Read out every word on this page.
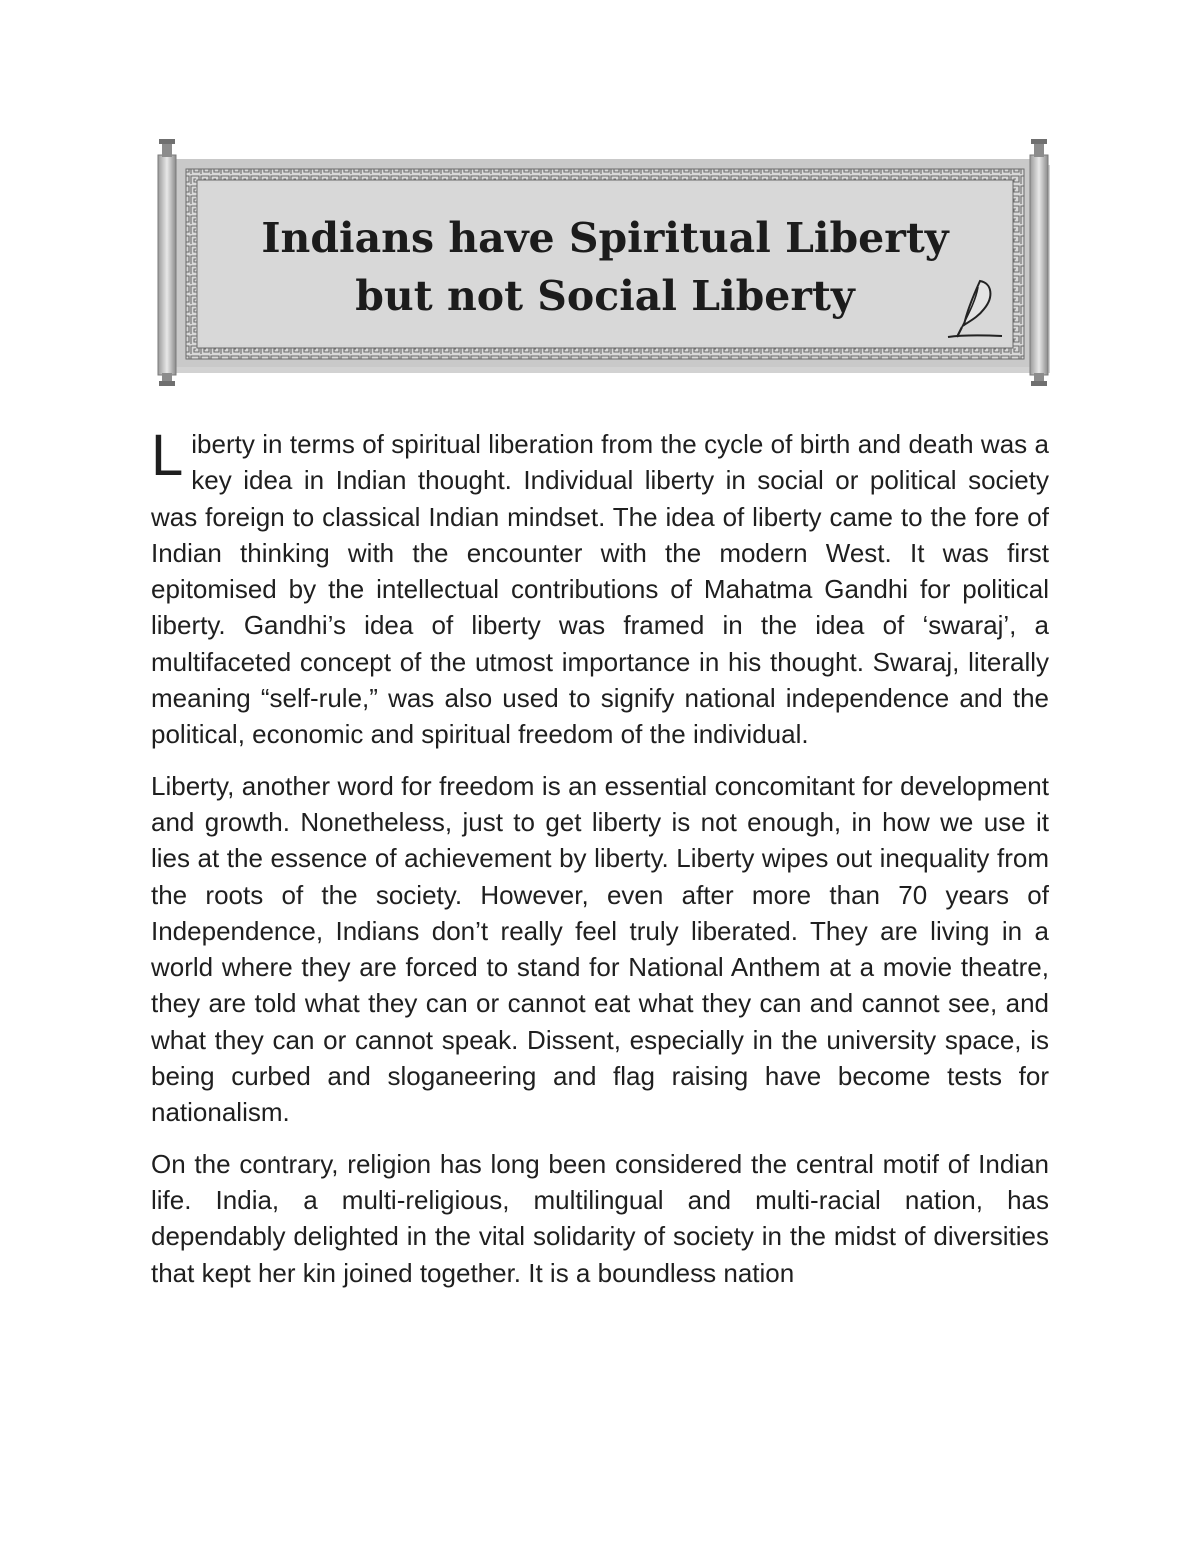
Indians have Spiritual Liberty
but not Social Liberty

Liberty in terms of spiritual liberation from the cycle of birth and death was a key idea in Indian thought. Individual liberty in social or political society was foreign to classical Indian mindset. The idea of liberty came to the fore of Indian thinking with the encounter with the modern West. It was first epitomised by the intellectual contributions of Mahatma Gandhi for political liberty. Gandhi’s idea of liberty was framed in the idea of ‘swaraj’, a multifaceted concept of the utmost importance in his thought. Swaraj, literally meaning “self-rule,” was also used to signify national independence and the political, economic and spiritual freedom of the individual.

Liberty, another word for freedom is an essential concomitant for development and growth. Nonetheless, just to get liberty is not enough, in how we use it lies at the essence of achievement by liberty. Liberty wipes out inequality from the roots of the society. However, even after more than 70 years of Independence, Indians don’t really feel truly liberated. They are living in a world where they are forced to stand for National Anthem at a movie theatre, they are told what they can or cannot eat what they can and cannot see, and what they can or cannot speak. Dissent, especially in the university space, is being curbed and sloganeering and flag raising have become tests for nationalism.

On the contrary, religion has long been considered the central motif of Indian life. India, a multi-religious, multilingual and multi-racial nation, has dependably delighted in the vital solidarity of society in the midst of diversities that kept her kin joined together. It is a boundless nation
